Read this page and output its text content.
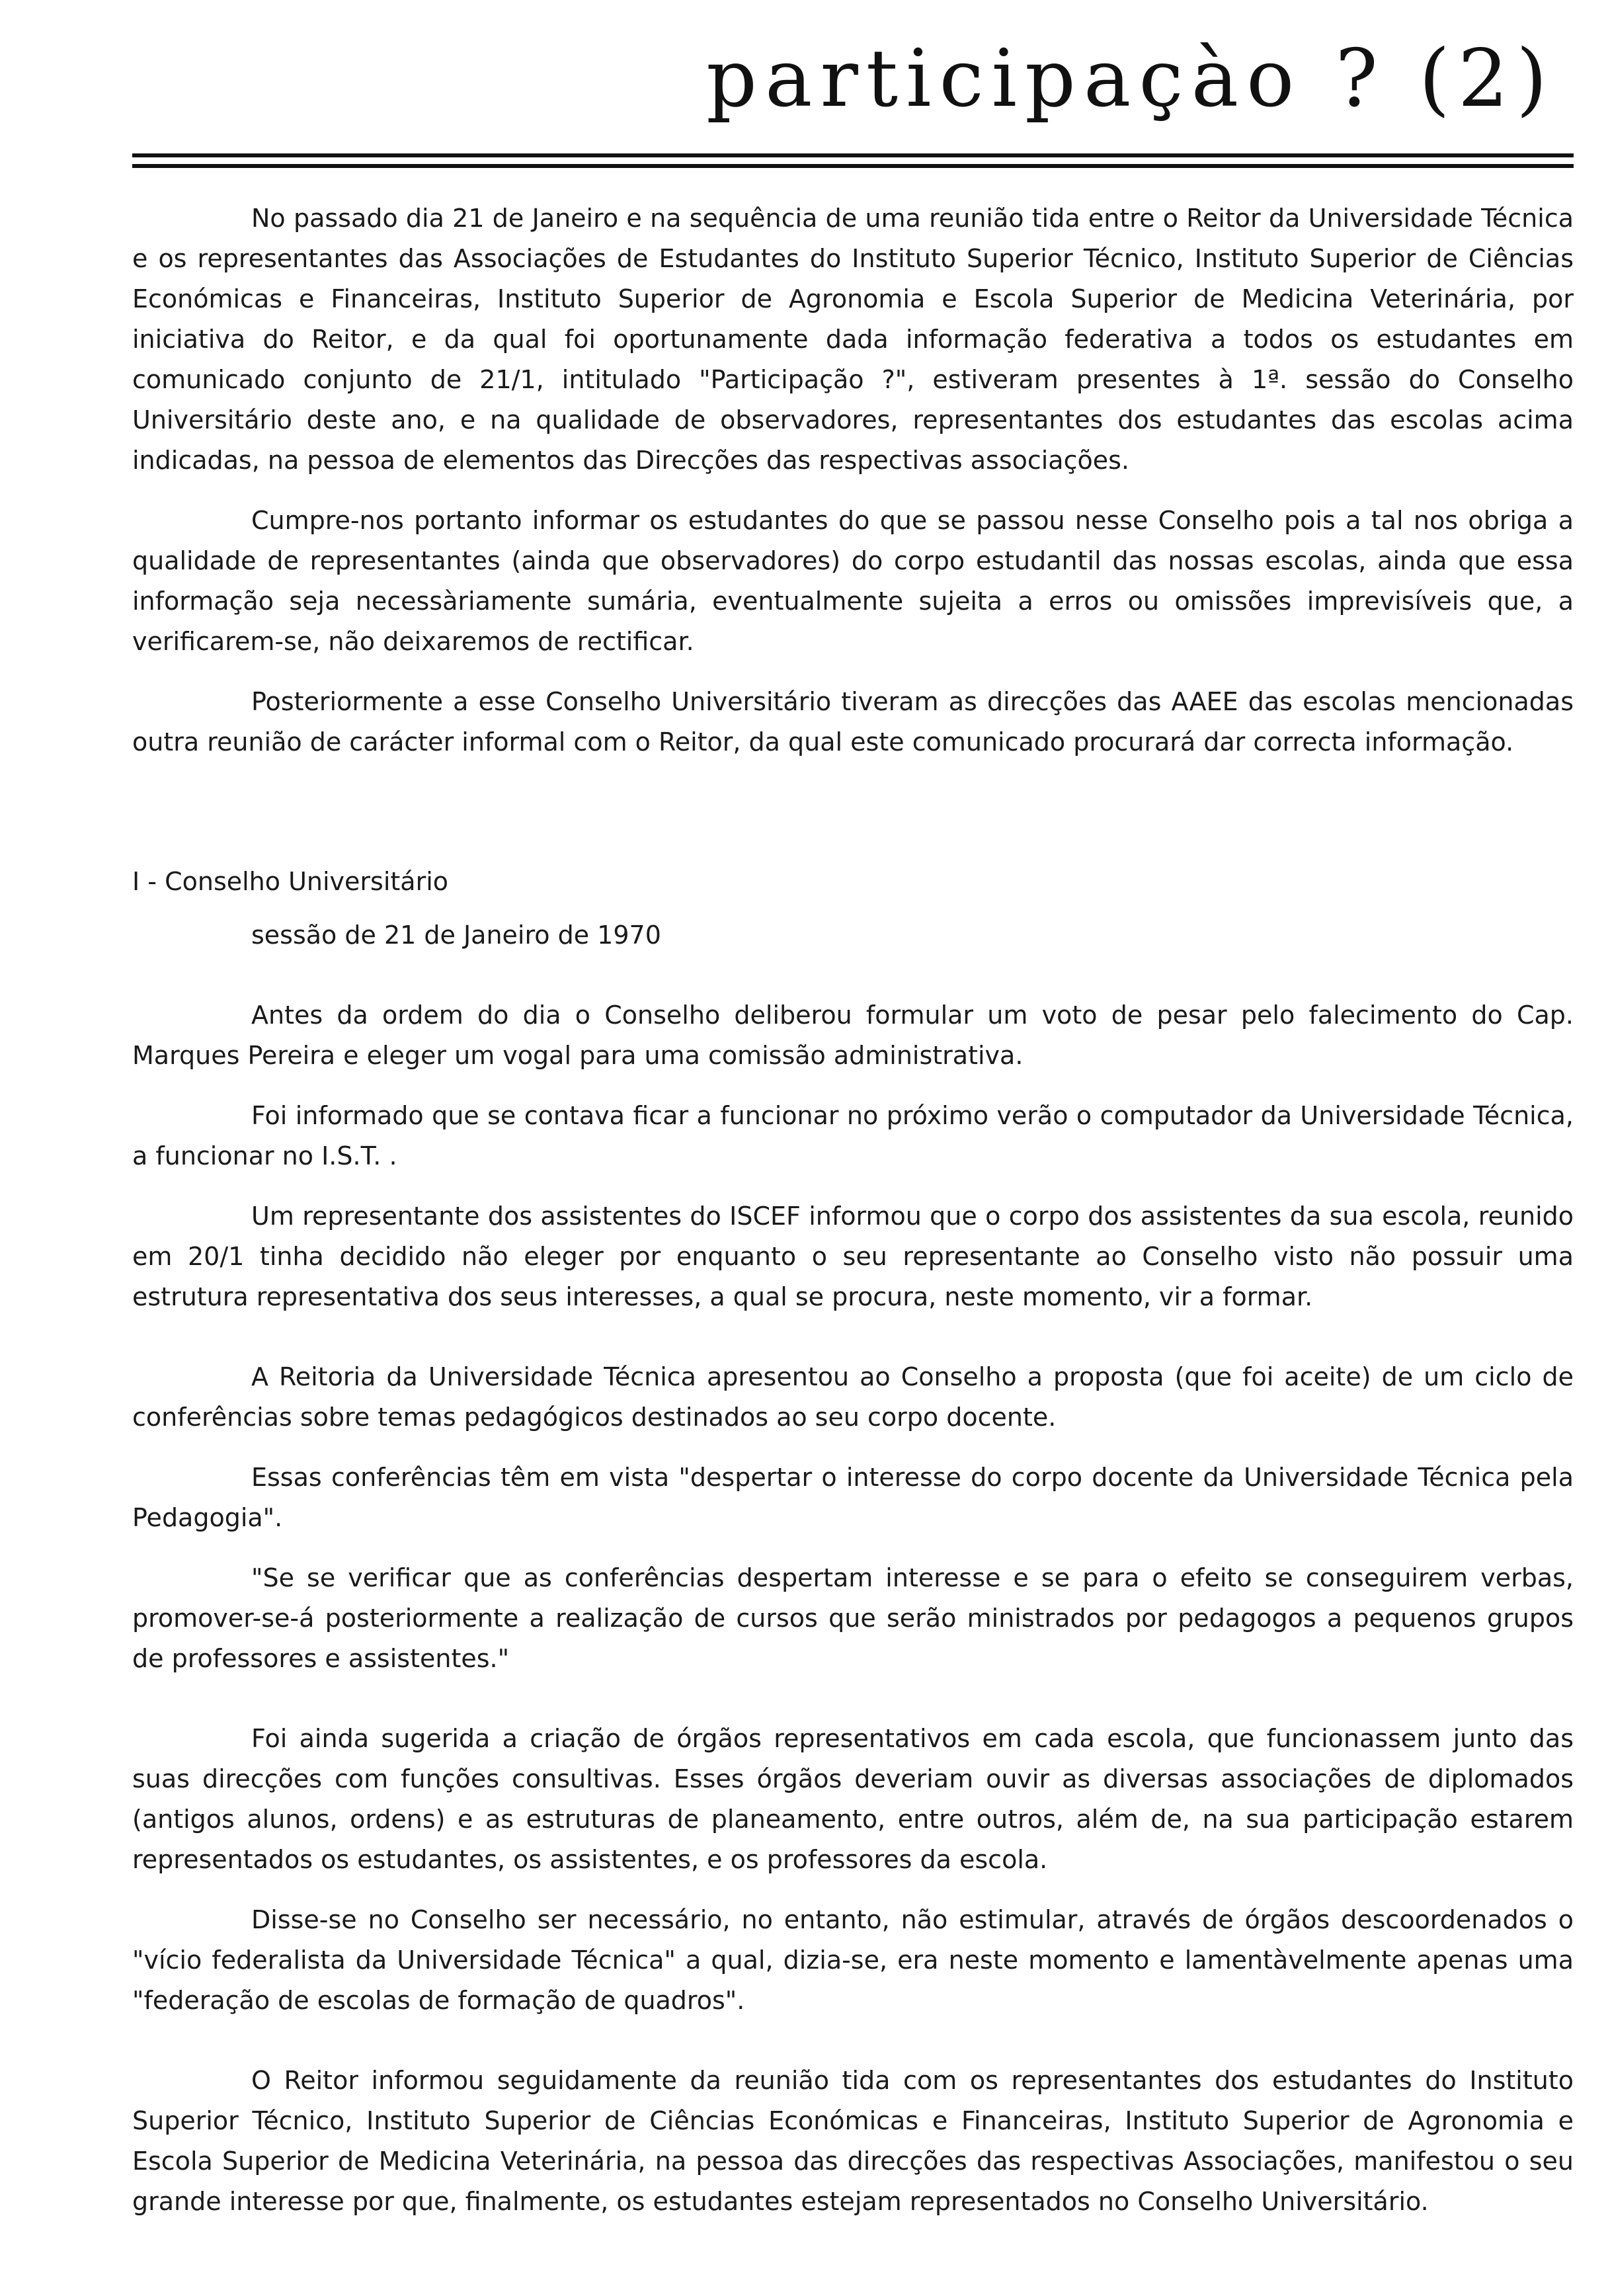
participaçào ? (2)

No passado dia 21 de Janeiro e na sequência de uma reunião tida entre o Reitor da Universidade Técnica e os representantes das Associações de Estudantes do Instituto Superior Técnico, Instituto Superior de Ciências Económicas e Financeiras, Instituto Superior de Agronomia e Escola Superior de Medicina Veterinária, por iniciativa do Reitor, e da qual foi oportunamente dada informação federativa a todos os estudantes em comunicado conjunto de 21/1, intitulado "Participação ?", estiveram presentes à 1ª. sessão do Conselho Universitário deste ano, e na qualidade de observadores, representantes dos estudantes das escolas acima indicadas, na pessoa de elementos das Direcções das respectivas associações.

Cumpre-nos portanto informar os estudantes do que se passou nesse Conselho pois a tal nos obriga a qualidade de representantes (ainda que observadores) do corpo estudantil das nossas escolas, ainda que essa informação seja necessàriamente sumária, eventualmente sujeita a erros ou omissões imprevisíveis que, a verificarem-se, não deixaremos de rectificar.

Posteriormente a esse Conselho Universitário tiveram as direcções das AAEE das escolas mencionadas outra reunião de carácter informal com o Reitor, da qual este comunicado procurará dar correcta informação.

I - Conselho Universitário

sessão de 21 de Janeiro de 1970

Antes da ordem do dia o Conselho deliberou formular um voto de pesar pelo falecimento do Cap. Marques Pereira e eleger um vogal para uma comissão administrativa.

Foi informado que se contava ficar a funcionar no próximo verão o computador da Universidade Técnica, a funcionar no I.S.T. .

Um representante dos assistentes do ISCEF informou que o corpo dos assistentes da sua escola, reunido em 20/1 tinha decidido não eleger por enquanto o seu representante ao Conselho visto não possuir uma estrutura representativa dos seus interesses, a qual se procura, neste momento, vir a formar.

A Reitoria da Universidade Técnica apresentou ao Conselho a proposta (que foi aceite) de um ciclo de conferências sobre temas pedagógicos destinados ao seu corpo docente.

Essas conferências têm em vista "despertar o interesse do corpo docente da Universidade Técnica pela Pedagogia".

"Se se verificar que as conferências despertam interesse e se para o efeito se conseguirem verbas, promover-se-á posteriormente a realização de cursos que serão ministrados por pedagogos a pequenos grupos de professores e assistentes."

Foi ainda sugerida a criação de órgãos representativos em cada escola, que funcionassem junto das suas direcções com funções consultivas. Esses órgãos deveriam ouvir as diversas associações de diplomados (antigos alunos, ordens) e as estruturas de planeamento, entre outros, além de, na sua participação estarem representados os estudantes, os assistentes, e os professores da escola.

Disse-se no Conselho ser necessário, no entanto, não estimular, através de órgãos descoordenados o "vício federalista da Universidade Técnica" a qual, dizia-se, era neste momento e lamentàvelmente apenas uma "federação de escolas de formação de quadros".

O Reitor informou seguidamente da reunião tida com os representantes dos estudantes do Instituto Superior Técnico, Instituto Superior de Ciências Económicas e Financeiras, Instituto Superior de Agronomia e Escola Superior de Medicina Veterinária, na pessoa das direcções das respectivas Associações, manifestou o seu grande interesse por que, finalmente, os estudantes estejam representados no Conselho Universitário.
